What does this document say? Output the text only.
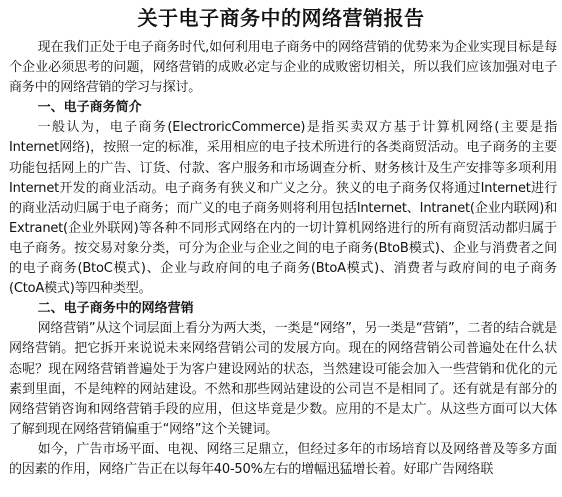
关于电子商务中的网络营销报告

现在我们正处于电子商务时代,如何利用电子商务中的网络营销的优势来为企业实现目标是每个企业必须思考的问题，网络营销的成败必定与企业的成败密切相关，所以我们应该加强对电子商务中的网络营销的学习与探讨。

一、电子商务简介

一般认为，电子商务(ElectroricCommerce)是指买卖双方基于计算机网络(主要是指Internet网络)，按照一定的标准，采用相应的电子技术所进行的各类商贸活动。电子商务的主要功能包括网上的广告、订货、付款、客户服务和市场调查分析、财务核计及生产安排等多项利用Internet开发的商业活动。电子商务有狭义和广义之分。狭义的电子商务仅将通过Internet进行的商业活动归属于电子商务；而广义的电子商务则将利用包括Internet、Intranet(企业内联网)和Extranet(企业外联网)等各种不同形式网络在内的一切计算机网络进行的所有商贸活动都归属于电子商务。按交易对象分类，可分为企业与企业之间的电子商务(BtoB模式)、企业与消费者之间的电子商务(BtoC模式)、企业与政府间的电子商务(BtoA模式)、消费者与政府间的电子商务(CtoA模式)等四种类型。

二、电子商务中的网络营销

网络营销”从这个词层面上看分为两大类，一类是“网络”，另一类是“营销”，二者的结合就是网络营销。把它拆开来说说未来网络营销公司的发展方向。现在的网络营销公司普遍处在什么状态呢？现在网络营销普遍处于为客户建设网站的状态，当然建设可能会加入一些营销和优化的元素到里面，不是纯粹的网站建设。不然和那些网站建设的公司岂不是相同了。还有就是有部分的网络营销咨询和网络营销手段的应用，但这毕竟是少数。应用的不是太广。从这些方面可以大体了解到现在网络营销偏重于“网络”这个关键词。

如今，广告市场平面、电视、网络三足鼎立，但经过多年的市场培育以及网络普及等多方面的因素的作用，网络广告正在以每年40-50%左右的增幅迅猛增长着。好耶广告网络联
